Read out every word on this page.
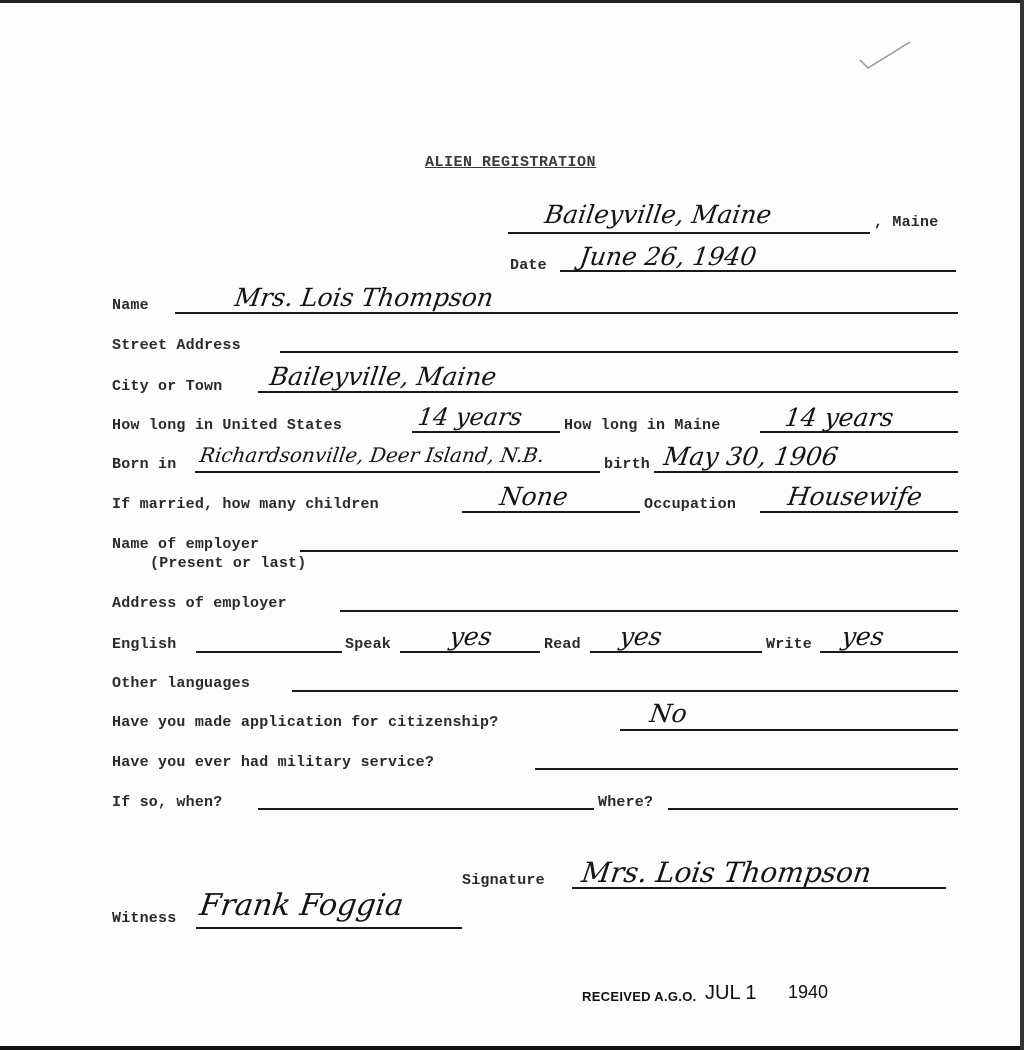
ALIEN REGISTRATION
Baileyville, Maine	, Maine
Date June 26, 1940
Name	Mrs. Lois Thompson
Street Address
City or Town Baileyville, Maine
How long in United States	14 years	How long in Maine	14 years
Born in Richardsonville, Deer Island, N.B.	birth May 30, 1906
If married, how many children	None	Occupation Housewife
Name of employer
(Present or last)
Address of employer
English	Speak yes	Read yes	Write yes
Other languages
Have you made application for citizenship?	No
Have you ever had military service?
If so, when?	Where?
Signature Mrs. Lois Thompson
Witness Frank Foggia
RECEIVED A.G.O. JUL 1 1940
